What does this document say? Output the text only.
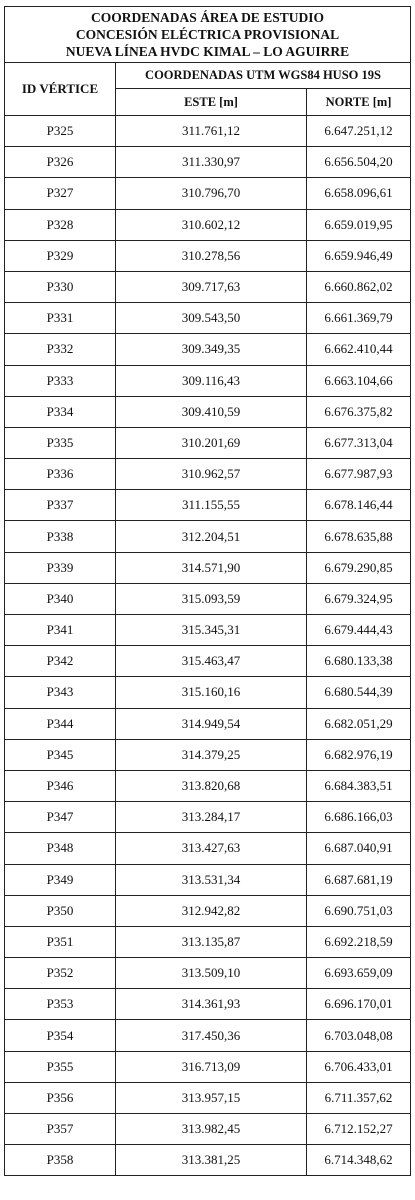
COORDENADAS ÁREA DE ESTUDIO
CONCESIÓN ELÉCTRICA PROVISIONAL
NUEVA LÍNEA HVDC KIMAL – LO AGUIRRE		

ID VÉRTICE	COORDENADAS UTM WGS84 HUSO 19S	
	ESTE [m]	NORTE [m]
P325	311.761,12	6.647.251,12
P326	311.330,97	6.656.504,20
P327	310.796,70	6.658.096,61
P328	310.602,12	6.659.019,95
P329	310.278,56	6.659.946,49
P330	309.717,63	6.660.862,02
P331	309.543,50	6.661.369,79
P332	309.349,35	6.662.410,44
P333	309.116,43	6.663.104,66
P334	309.410,59	6.676.375,82
P335	310.201,69	6.677.313,04
P336	310.962,57	6.677.987,93
P337	311.155,55	6.678.146,44
P338	312.204,51	6.678.635,88
P339	314.571,90	6.679.290,85
P340	315.093,59	6.679.324,95
P341	315.345,31	6.679.444,43
P342	315.463,47	6.680.133,38
P343	315.160,16	6.680.544,39
P344	314.949,54	6.682.051,29
P345	314.379,25	6.682.976,19
P346	313.820,68	6.684.383,51
P347	313.284,17	6.686.166,03
P348	313.427,63	6.687.040,91
P349	313.531,34	6.687.681,19
P350	312.942,82	6.690.751,03
P351	313.135,87	6.692.218,59
P352	313.509,10	6.693.659,09
P353	314.361,93	6.696.170,01
P354	317.450,36	6.703.048,08
P355	316.713,09	6.706.433,01
P356	313.957,15	6.711.357,62
P357	313.982,45	6.712.152,27
P358	313.381,25	6.714.348,62
